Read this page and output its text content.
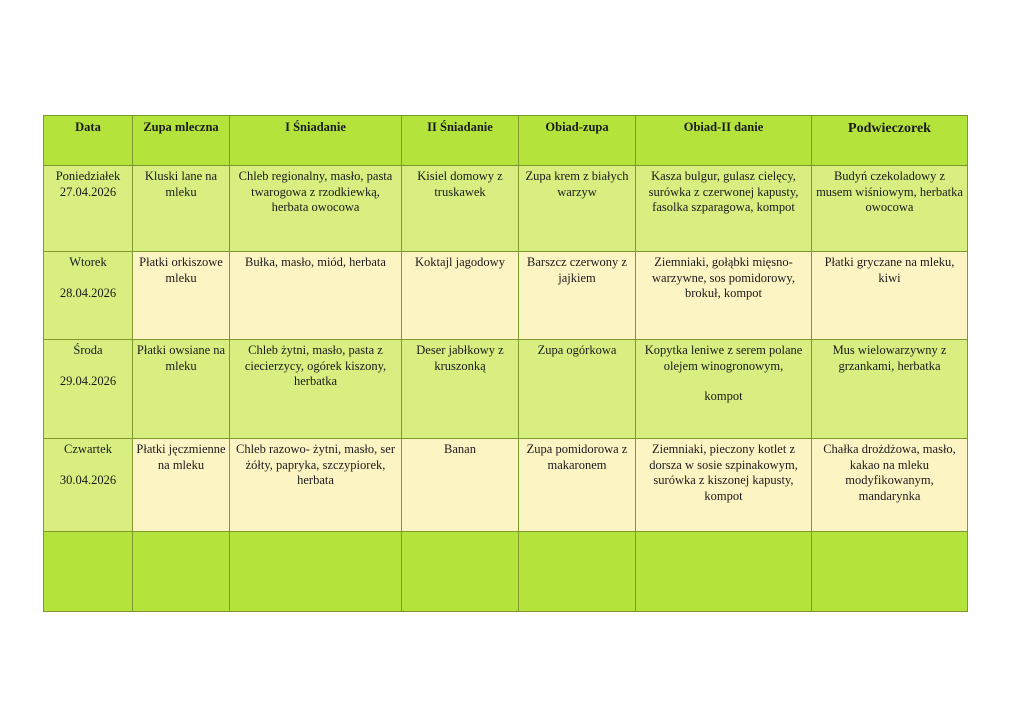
Data	Zupa mleczna	I Śniadanie	II Śniadanie	Obiad-zupa	Obiad-II danie	Podwieczorek

Poniedziałek
27.04.2026	Kluski lane na mleku	Chleb regionalny, masło, pasta twarogowa z rzodkiewką, herbata owocowa	Kisiel domowy z truskawek	Zupa krem z białych warzyw	Kasza bulgur, gulasz cielęcy, surówka z czerwonej kapusty, fasolka szparagowa, kompot	Budyń czekoladowy z musem wiśniowym, herbatka owocowa

Wtorek
28.04.2026	Płatki orkiszowe mleku	Bułka, masło, miód, herbata	Koktajl jagodowy	Barszcz czerwony z jajkiem	Ziemniaki, gołąbki mięsno-warzywne, sos pomidorowy, brokuł, kompot	Płatki gryczane na mleku, kiwi

Środa
29.04.2026	Płatki owsiane na mleku	Chleb żytni, masło, pasta z ciecierzycy, ogórek kiszony, herbatka	Deser jabłkowy z kruszonką	Zupa ogórkowa	Kopytka leniwe z serem polane olejem winogronowym,
kompot	Mus wielowarzywny z grzankami, herbatka

Czwartek
30.04.2026	Płatki jęczmienne na mleku	Chleb razowo- żytni, masło, ser żółty, papryka, szczypiorek, herbata	Banan	Zupa pomidorowa z makaronem	Ziemniaki, pieczony kotlet z dorsza w sosie szpinakowym, surówka z kiszonej kapusty, kompot	Chałka drożdżowa, masło, kakao na mleku modyfikowanym, mandarynka
